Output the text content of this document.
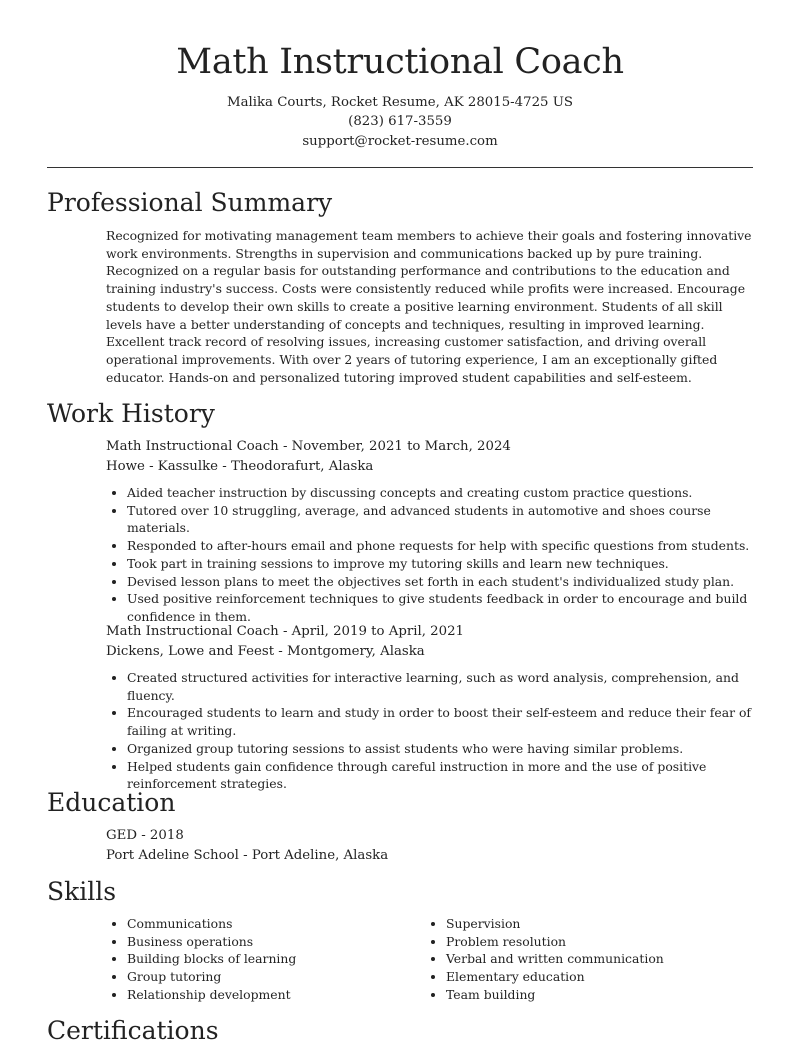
Math Instructional Coach
Malika Courts, Rocket Resume, AK 28015-4725 US
(823) 617-3559
support@rocket-resume.com
Professional Summary

Recognized for motivating management team members to achieve their goals and fostering innovative work environments. Strengths in supervision and communications backed up by pure training. Recognized on a regular basis for outstanding performance and contributions to the education and training industry's success. Costs were consistently reduced while profits were increased. Encourage students to develop their own skills to create a positive learning environment. Students of all skill levels have a better understanding of concepts and techniques, resulting in improved learning. Excellent track record of resolving issues, increasing customer satisfaction, and driving overall operational improvements. With over 2 years of tutoring experience, I am an exceptionally gifted educator. Hands-on and personalized tutoring improved student capabilities and self-esteem.

Work History

Math Instructional Coach - November, 2021 to March, 2024

Howe - Kassulke - Theodorafurt, Alaska

• Aided teacher instruction by discussing concepts and creating custom practice questions.
• Tutored over 10 struggling, average, and advanced students in automotive and shoes course materials.
• Responded to after-hours email and phone requests for help with specific questions from students.
• Took part in training sessions to improve my tutoring skills and learn new techniques.
• Devised lesson plans to meet the objectives set forth in each student's individualized study plan.
• Used positive reinforcement techniques to give students feedback in order to encourage and build confidence in them.

Math Instructional Coach - April, 2019 to April, 2021

Dickens, Lowe and Feest - Montgomery, Alaska

• Created structured activities for interactive learning, such as word analysis, comprehension, and fluency.
• Encouraged students to learn and study in order to boost their self-esteem and reduce their fear of failing at writing.
• Organized group tutoring sessions to assist students who were having similar problems.
• Helped students gain confidence through careful instruction in more and the use of positive reinforcement strategies.
Education

GED - 2018

Port Adeline School - Port Adeline, Alaska

Skills
• Communications
• Business operations
• Building blocks of learning
• Group tutoring
• Relationship development
• Supervision
• Problem resolution
• Verbal and written communication
• Elementary education
• Team building
Certifications
